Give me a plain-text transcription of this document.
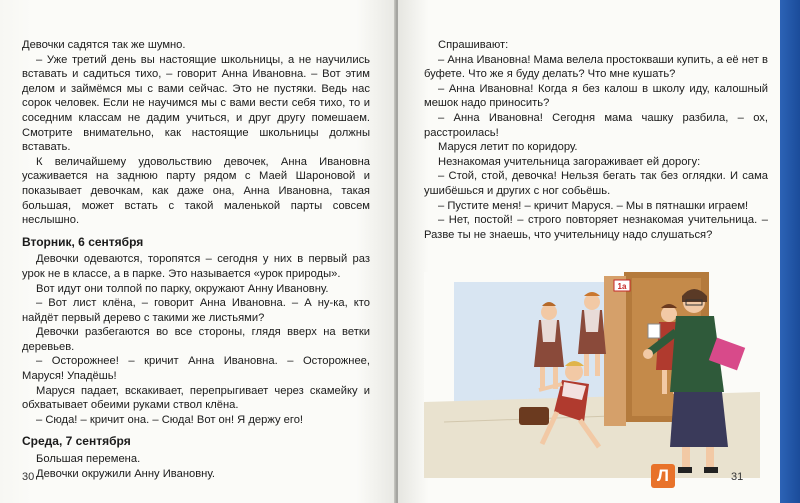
Девочки садятся так же шумно.

– Уже третий день вы настоящие школьницы, а не научились вставать и садиться тихо, – говорит Анна Ивановна. – Вот этим делом и займёмся мы с вами сейчас. Это не пустяки. Ведь нас сорок человек. Если не научимся мы с вами вести себя тихо, то и соседним классам не дадим учиться, и друг другу помешаем. Смотрите внимательно, как настоящие школьницы должны вставать.

К величайшему удовольствию девочек, Анна Ивановна усаживается на заднюю парту рядом с Маей Шароновой и показывает девочкам, как даже она, Анна Ивановна, такая большая, может встать с такой маленькой парты совсем неслышно.

Вторник, 6 сентября

Девочки одеваются, торопятся – сегодня у них в первый раз урок не в классе, а в парке. Это называется «урок природы».

Вот идут они толпой по парку, окружают Анну Ивановну.

– Вот лист клёна, – говорит Анна Ивановна. – А ну-ка, кто найдёт первый дерево с такими же листьями?

Девочки разбегаются во все стороны, глядя вверх на ветки деревьев.

– Осторожнее! – кричит Анна Ивановна. – Осторожнее, Маруся! Упадёшь!

Маруся падает, вскакивает, перепрыгивает через скамейку и обхватывает обеими руками ствол клёна.

– Сюда! – кричит она. – Сюда! Вот он! Я держу его!

Среда, 7 сентября

Большая перемена.

Девочки окружили Анну Ивановну.

30

Спрашивают:

– Анна Ивановна! Мама велела простокваши купить, а её нет в буфете. Что же я буду делать? Что мне кушать?

– Анна Ивановна! Когда я без калош в школу иду, калошный мешок надо приносить?

– Анна Ивановна! Сегодня мама чашку разбила, – ох, расстроилась!

Маруся летит по коридору.

Незнакомая учительница загораживает ей дорогу:

– Стой, стой, девочка! Нельзя бегать так без оглядки. И сама ушибёшься и других с ног собьёшь.

– Пустите меня! – кричит Маруся. – Мы в пятнашки играем!

– Нет, постой! – строго повторяет незнакомая учительница. – Разве ты не знаешь, что учительницу надо слушаться?

1а
31
Л
